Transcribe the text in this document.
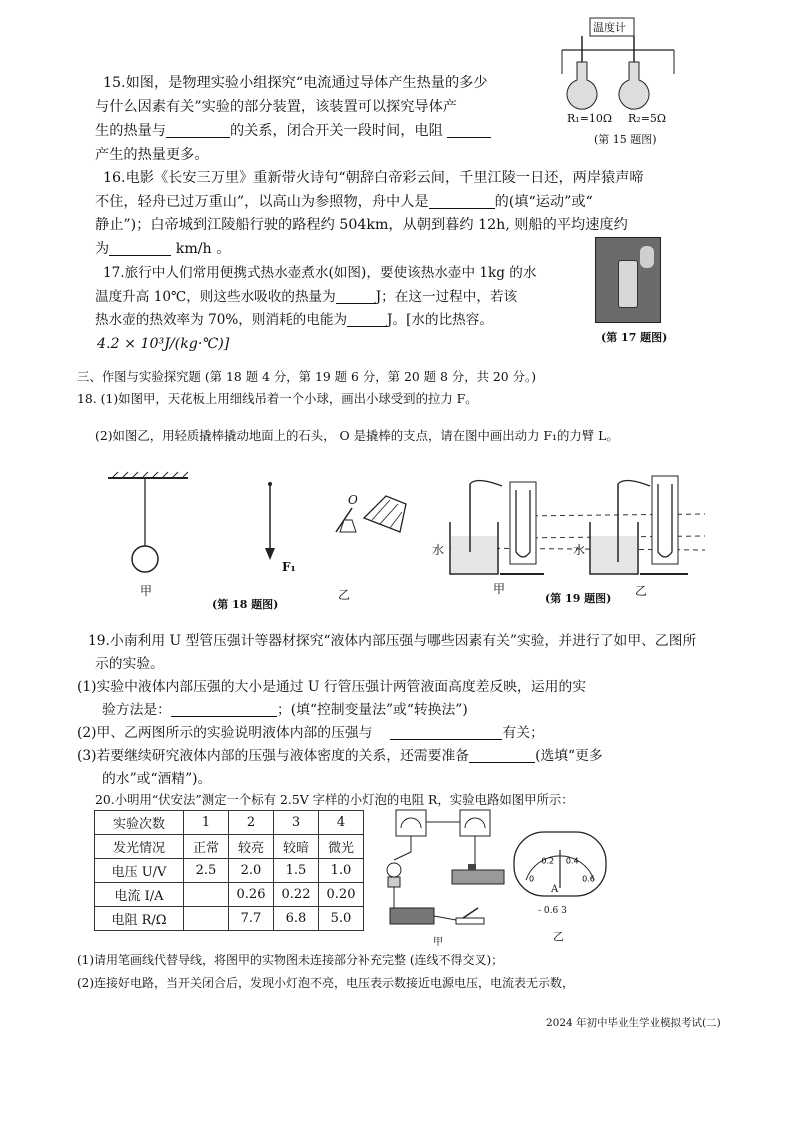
15.如图，是物理实验小组探究“电流通过导体产生热量的多少
与什么因素有关”实验的部分装置，该装置可以探究导体产
生的热量与	的关系，闭合开关一段时间，电阻
产生的热量更多。
温度计
R₁=10Ω R₂=5Ω
(第 15 题图)
16.电影《长安三万里》重新带火诗句“朝辞白帝彩云间，千里江陵一日还，两岸猿声啼
不住，轻舟已过万重山”，以高山为参照物，舟中人是	的(填“运动”或“
静止”)；白帝城到江陵船行驶的路程约 504km，从朝到暮约 12h, 则船的平均速度约
为	km/h 。
17.旅行中人们常用便携式热水壶煮水(如图)，要使该热水壶中 1kg 的水
温度升高 10℃，则这些水吸收的热量为	J；在这一过程中，若该
热水壶的热效率为 70%，则消耗的电能为	J。[水的比热容。
4.2 × 10³J/(kg·℃)]	(第 17 题图)
三、作图与实验探究题 (第 18 题 4 分，第 19 题 6 分，第 20 题 8 分，共 20 分。)
18. (1)如图甲，天花板上用细线吊着一个小球，画出小球受到的拉力 F。
(2)如图乙，用轻质撬棒撬动地面上的石头， O 是撬棒的支点，请在图中画出动力 F₁的力臂 L。
甲
F₁
O
乙
(第 18 题图)
水	水
甲
(第 19 题图)
乙
19.小南利用 U 型管压强计等器材探究“液体内部压强与哪些因素有关”实验，并进行了如甲、乙图所
示的实验。
(1)实验中液体内部压强的大小是通过 U 行管压强计两管液面高度差反映，运用的实
验方法是：	；(填“控制变量法”或“转换法”)
(2)甲、乙两图所示的实验说明液体内部的压强与	有关；
(3)若要继续研究液体内部的压强与液体密度的关系，还需要准备	(选填“更多
的水”或“酒精”)。
20.小明用“伏安法”测定一个标有 2.5V 字样的小灯泡的电阻 R，实验电路如图甲所示：
实验次数	1	2	3	4
发光情况	正常	较亮	较暗	微光
电压 U/V	2.5	2.0	1.5	1.0
电流 I/A		0.26	0.22	0.20
电阻 R/Ω		7.7	6.8	5.0
甲
0
0.2 0.4
0.6
A
- 0.6 3
乙
(1)请用笔画线代替导线，将图甲的实物图未连接部分补充完整 (连线不得交叉)；
(2)连接好电路，当开关闭合后，发现小灯泡不亮，电压表示数接近电源电压，电流表无示数，
2024 年初中毕业生学业模拟考试(二)
